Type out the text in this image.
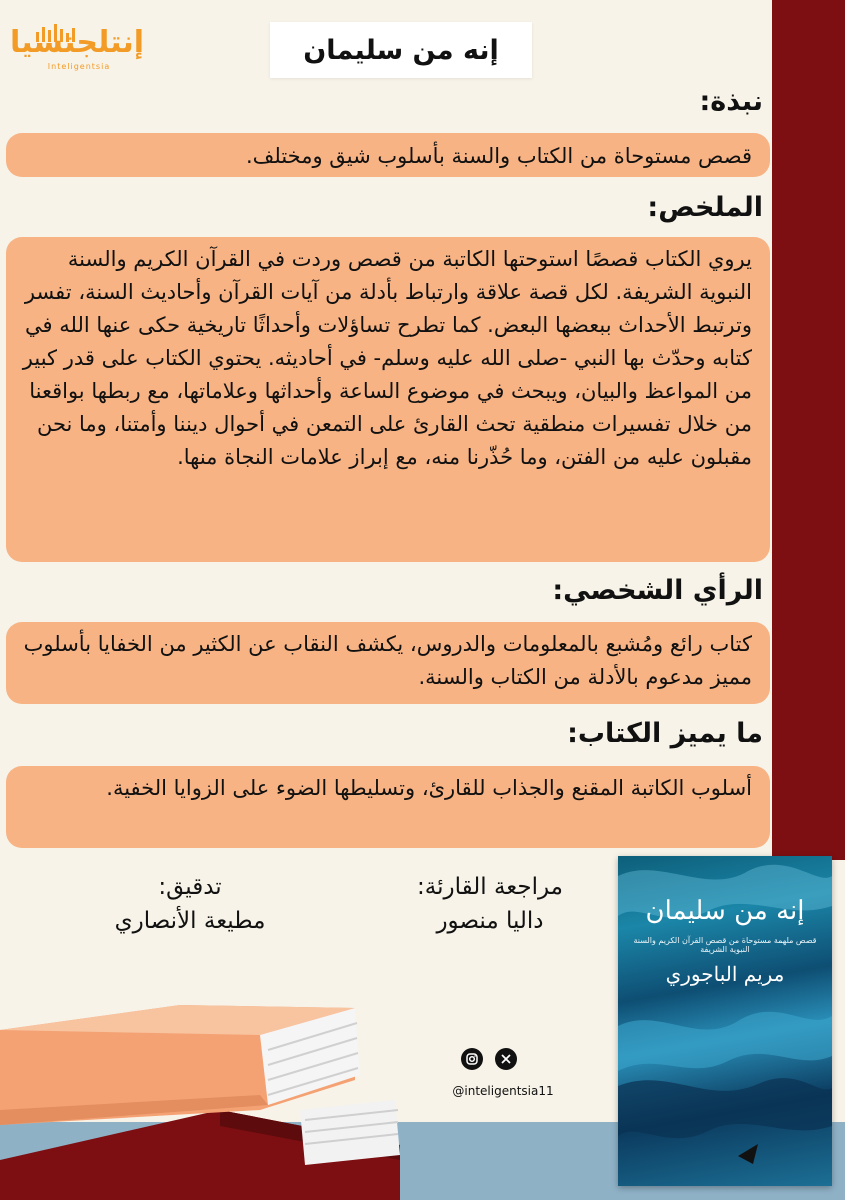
إنتلجنسيا
Inteligentsia
إنه من سليمان
نبذة:
قصص مستوحاة من الكتاب والسنة بأسلوب شيق ومختلف.
الملخص:
يروي الكتاب قصصًا استوحتها الكاتبة من قصص وردت في القرآن الكريم والسنة النبوية الشريفة. لكل قصة علاقة وارتباط بأدلة من آيات القرآن وأحاديث السنة، تفسر وترتبط الأحداث ببعضها البعض. كما تطرح تساؤلات وأحداثًا تاريخية حكى عنها الله في كتابه وحدّث بها النبي -صلى الله عليه وسلم- في أحاديثه. يحتوي الكتاب على قدر كبير من المواعظ والبيان، ويبحث في موضوع الساعة وأحداثها وعلاماتها، مع ربطها بواقعنا من خلال تفسيرات منطقية تحث القارئ على التمعن في أحوال ديننا وأمتنا، وما نحن مقبلون عليه من الفتن، وما حُذّرنا منه، مع إبراز علامات النجاة منها.
الرأي الشخصي:
كتاب رائع ومُشبع بالمعلومات والدروس، يكشف النقاب عن الكثير من الخفايا بأسلوب مميز مدعوم بالأدلة من الكتاب والسنة.
ما يميز الكتاب:
أسلوب الكاتبة المقنع والجذاب للقارئ، وتسليطها الضوء على الزوايا الخفية.
مراجعة القارئة:
داليا منصور
تدقيق:
مطيعة الأنصاري	إنه من سليمان
قصص ملهمة مستوحاة من قصص القرآن الكريم والسنة النبوية الشريفة
مريم الباجوري
@inteligentsia11
